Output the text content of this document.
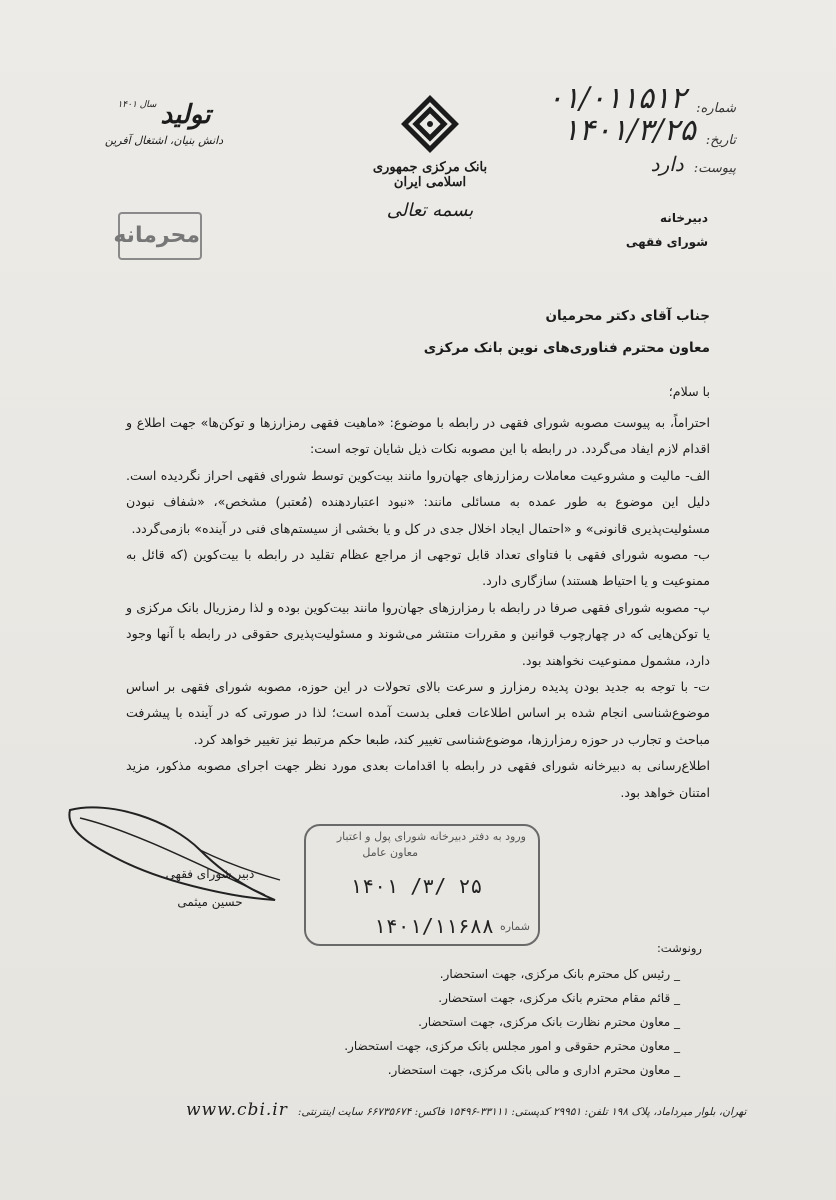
شماره:
۰۱/۰۱۱۵۱۲
تاریخ:
۱۴۰۱/۳/۲۵
پیوست:
دارد
بانک مرکزی جمهوری اسلامی ایران
بسمه تعالی
تولید
سال ۱۴۰۱
دانش بنیان، اشتغال آفرین
محرمانه
دبیرخانه
شورای فقهی
جناب آقای دکتر محرمیان
معاون محترم فناوری‌های نوین بانک مرکزی
با سلام؛

احتراماً، به پیوست مصوبه شورای فقهی در رابطه با موضوع: «ماهیت فقهی رمزارزها و توکن‌ها» جهت اطلاع و اقدام لازم ایفاد می‌گردد. در رابطه با این مصوبه نکات ذیل شایان توجه است:

الف- مالیت و مشروعیت معاملات رمزارزهای جهان‌روا مانند بیت‌کوین توسط شورای فقهی احراز نگردیده است. دلیل این موضوع به طور عمده به مسائلی مانند: «نبود اعتباردهنده (مُعتبر) مشخص»، «شفاف نبودن مسئولیت‌پذیری قانونی» و «احتمال ایجاد اخلال جدی در کل و یا بخشی از سیستم‌های فنی در آینده» بازمی‌گردد.

ب- مصوبه شورای فقهی با فتاوای تعداد قابل توجهی از مراجع عظام تقلید در رابطه با بیت‌کوین (که قائل به ممنوعیت و یا احتیاط هستند) سازگاری دارد.

پ- مصوبه شورای فقهی صرفا در رابطه با رمزارزهای جهان‌روا مانند بیت‌کوین بوده و لذا رمزریال بانک مرکزی و یا توکن‌هایی که در چهارچوب قوانین و مقررات منتشر می‌شوند و مسئولیت‌پذیری حقوقی در رابطه با آنها وجود دارد، مشمول ممنوعیت نخواهند بود.

ت- با توجه به جدید بودن پدیده رمزارز و سرعت بالای تحولات در این حوزه، مصوبه شورای فقهی بر اساس موضوع‌شناسی انجام شده بر اساس اطلاعات فعلی بدست آمده است؛ لذا در صورتی که در آینده با پیشرفت مباحث و تجارب در حوزه رمزارزها، موضوع‌شناسی تغییر کند، طبعا حکم مرتبط نیز تغییر خواهد کرد.

اطلاع‌رسانی به دبیرخانه شورای فقهی در رابطه با اقدامات بعدی مورد نظر جهت اجرای مصوبه مذکور، مزید امتنان خواهد بود.

دبیر شورای فقهی
حسین میثمی
ورود به دفتر دبیرخانه شورای پول و اعتبار
معاون عامل
۱۴۰۱ /۳/ ۲۵
شماره
۱۴۰۱/۱۱۶۸۸
رونوشت:
_ رئیس کل محترم بانک مرکزی، جهت استحضار.
_ قائم مقام محترم بانک مرکزی، جهت استحضار.
_ معاون محترم نظارت بانک مرکزی، جهت استحضار.
_ معاون محترم حقوقی و امور مجلس بانک مرکزی، جهت استحضار.
_ معاون محترم اداری و مالی بانک مرکزی، جهت استحضار.
www.cbi.ir تهران، بلوار میرداماد، پلاک ۱۹۸ تلفن: ۲۹۹۵۱ کدپستی: ۳۳۱۱۱-۱۵۴۹۶ فاکس: ۶۶۷۳۵۶۷۴ سایت اینترنتی:
